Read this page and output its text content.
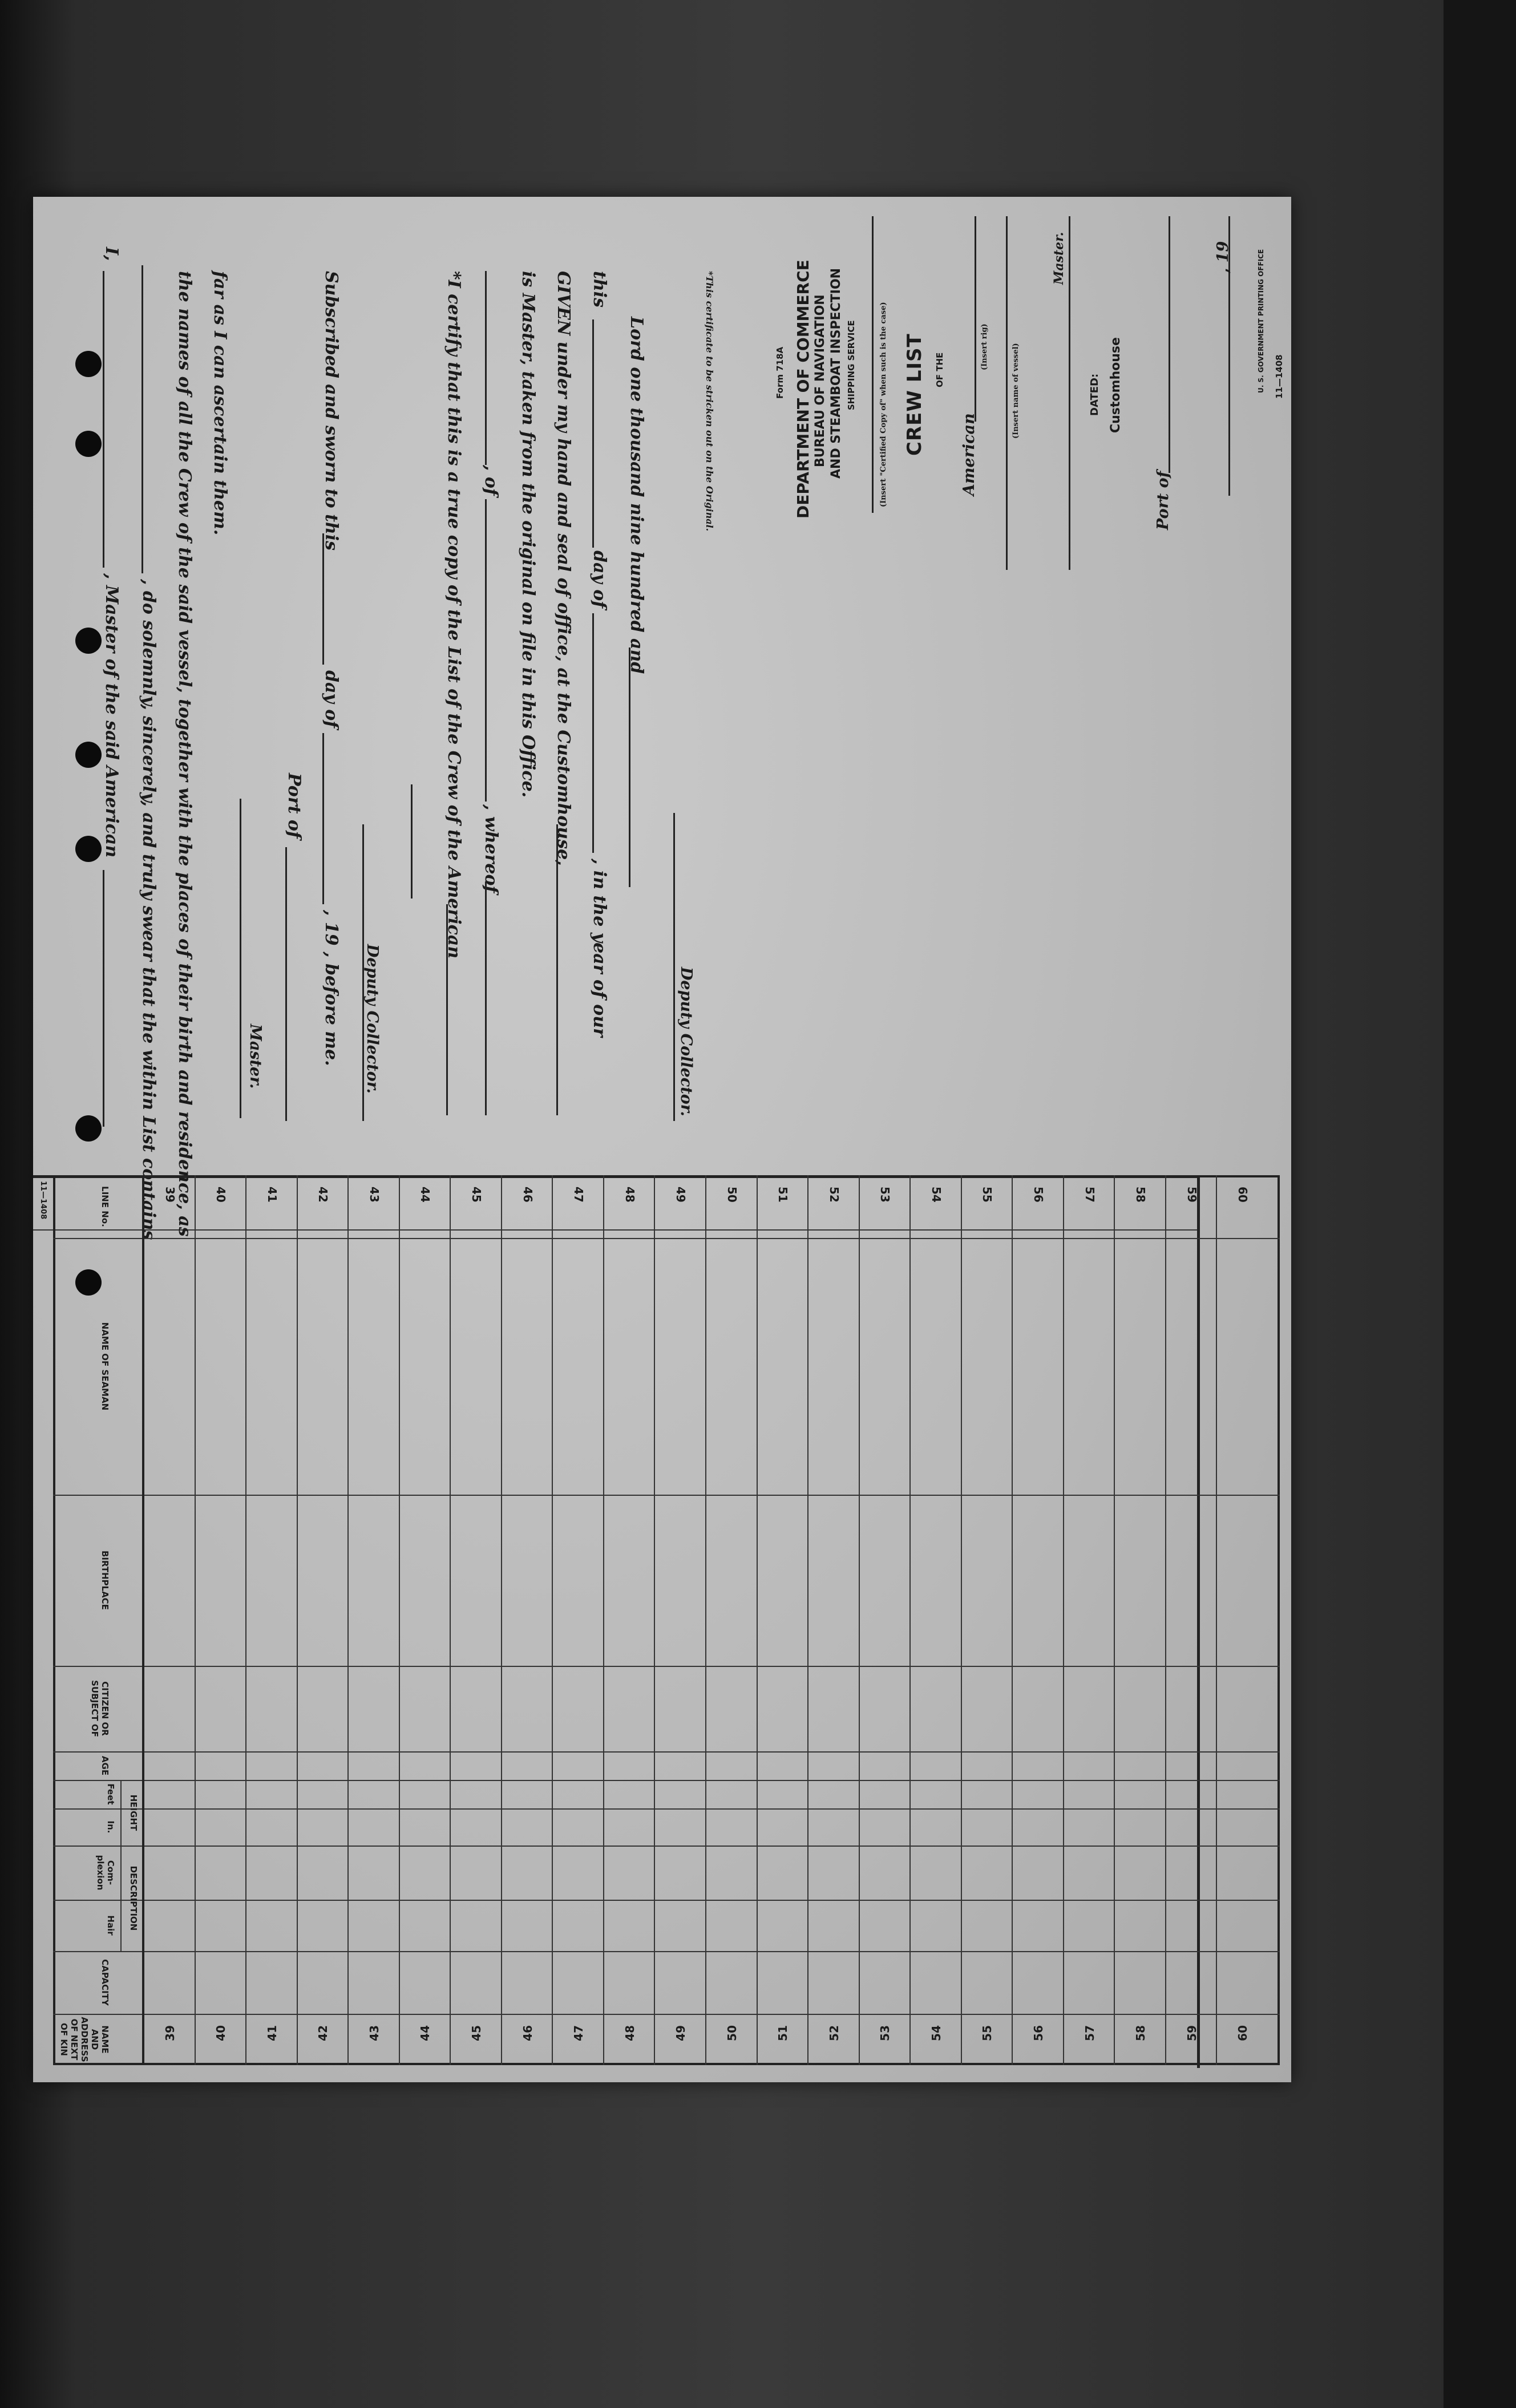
I,
, Master of the said American , do solemnly, sincerely, and truly swear that the within List contains the names of all the Crew of the said vessel, together with the places of their birth and residence, as far as I can ascertain them.
Master.
Port of
Subscribed and sworn to this
day of
, 19 , before me. Deputy Collector.
*I certify that this is a true copy of the List of the Crew of the American , of
, whereof
is Master, taken from the original on file in this Office. GIVEN under my hand and seal of office, at the Customhouse, this
day of
, in the year of our
Lord one thousand nine hundred and
Deputy Collector.
*This certificate to be stricken out on the Original.	11—1408
U. S. GOVERNMENT PRINTING OFFICE
, 19
Port of
Customhouse
DATED:
Master.
(Insert name of vessel)
American
(Insert rig)
OF THE
CREW LIST
(Insert "Certified Copy of" when such is the case)
SHIPPING SERVICE
AND STEAMBOAT INSPECTION
BUREAU OF NAVIGATION
DEPARTMENT OF COMMERCE
Form 718A
39
39
40
40
41
41
42
42
43
43
44
44
45
45
46
46
47
47
48
48
49
49
50
50
51
51
52
52
53
53
54
54
55
55
56
56
57
57
58
58
59
59
60
60
LINE No.
NAME OF SEAMAN
BIRTHPLACE
CITIZEN OR SUBJECT OF
AGE
Feet
In.
Com- plexion
Hair
CAPACITY
NAME AND ADDRESS OF NEXT OF KIN
HEIGHT
DESCRIPTION
11—1408
